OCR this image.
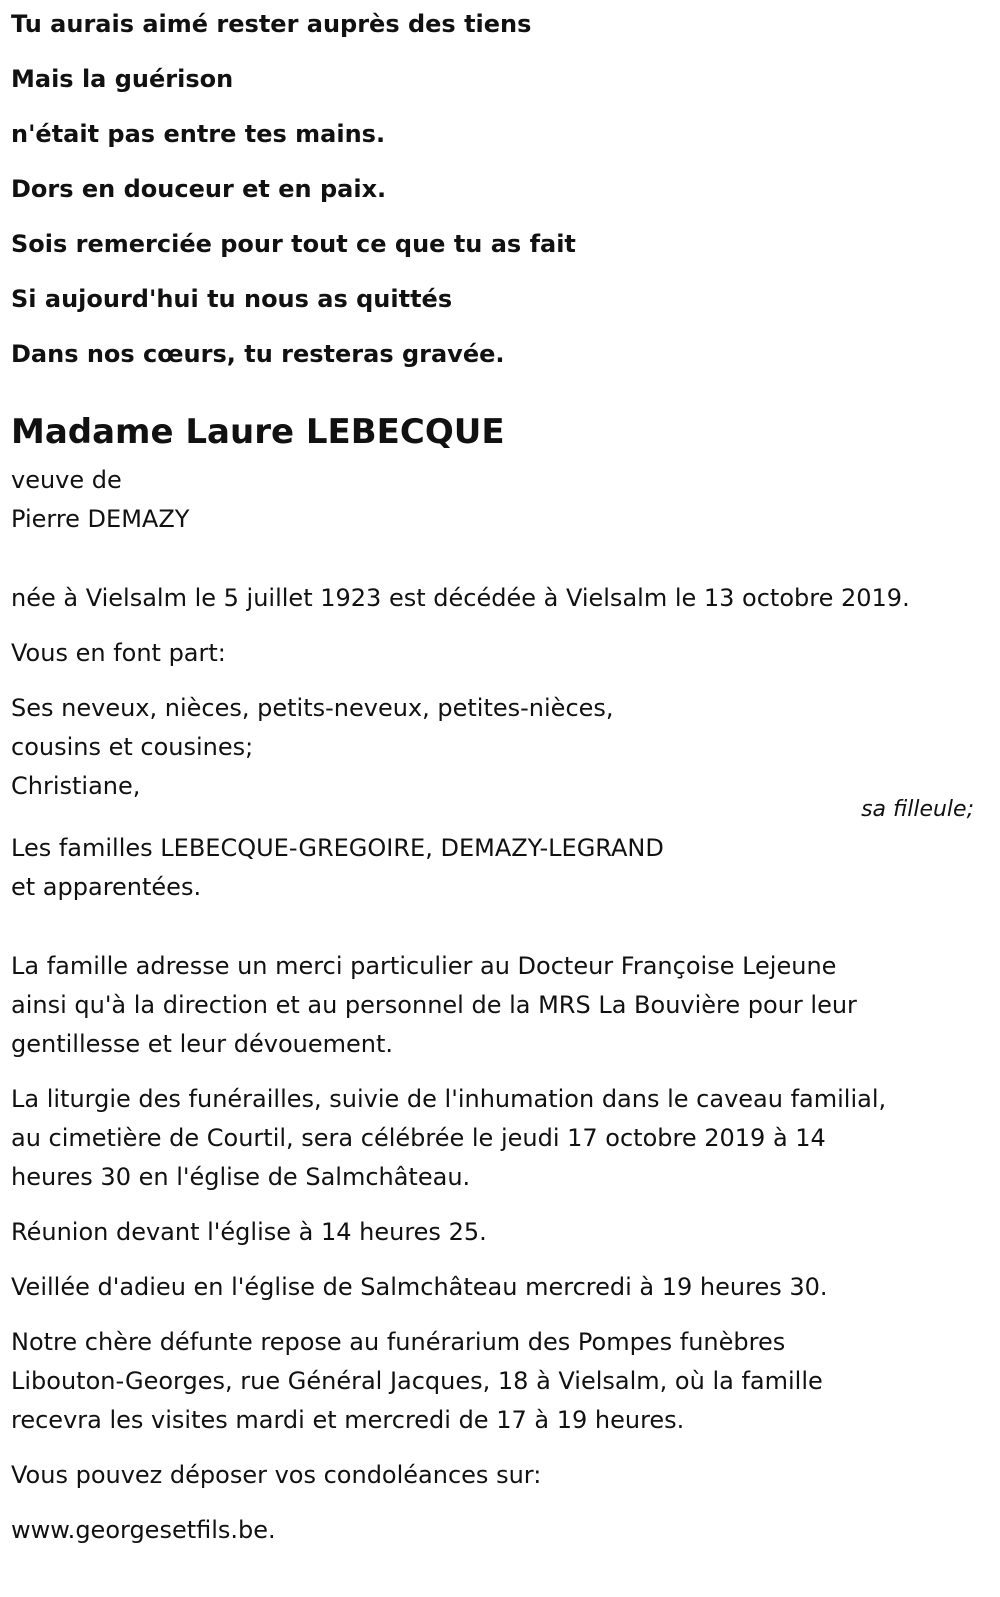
Tu aurais aimé rester auprès des tiens

Mais la guérison

n'était pas entre tes mains.

Dors en douceur et en paix.

Sois remerciée pour tout ce que tu as fait

Si aujourd'hui tu nous as quittés

Dans nos cœurs, tu resteras gravée.

Madame Laure LEBECQUE

veuve de

Pierre DEMAZY

née à Vielsalm le 5 juillet 1923 est décédée à Vielsalm le 13 octobre 2019.

Vous en font part:

Ses neveux, nièces, petits-neveux, petites-nièces,

cousins et cousines;

Christiane,

sa filleule;

Les familles LEBECQUE-GREGOIRE, DEMAZY-LEGRAND

et apparentées.

La famille adresse un merci particulier au Docteur Françoise Lejeune

ainsi qu'à la direction et au personnel de la MRS La Bouvière pour leur

gentillesse et leur dévouement.

La liturgie des funérailles, suivie de l'inhumation dans le caveau familial,

au cimetière de Courtil, sera célébrée le jeudi 17 octobre 2019 à 14

heures 30 en l'église de Salmchâteau.

Réunion devant l'église à 14 heures 25.

Veillée d'adieu en l'église de Salmchâteau mercredi à 19 heures 30.

Notre chère défunte repose au funérarium des Pompes funèbres

Libouton-Georges, rue Général Jacques, 18 à Vielsalm, où la famille

recevra les visites mardi et mercredi de 17 à 19 heures.

Vous pouvez déposer vos condoléances sur:

www.georgesetfils.be.
